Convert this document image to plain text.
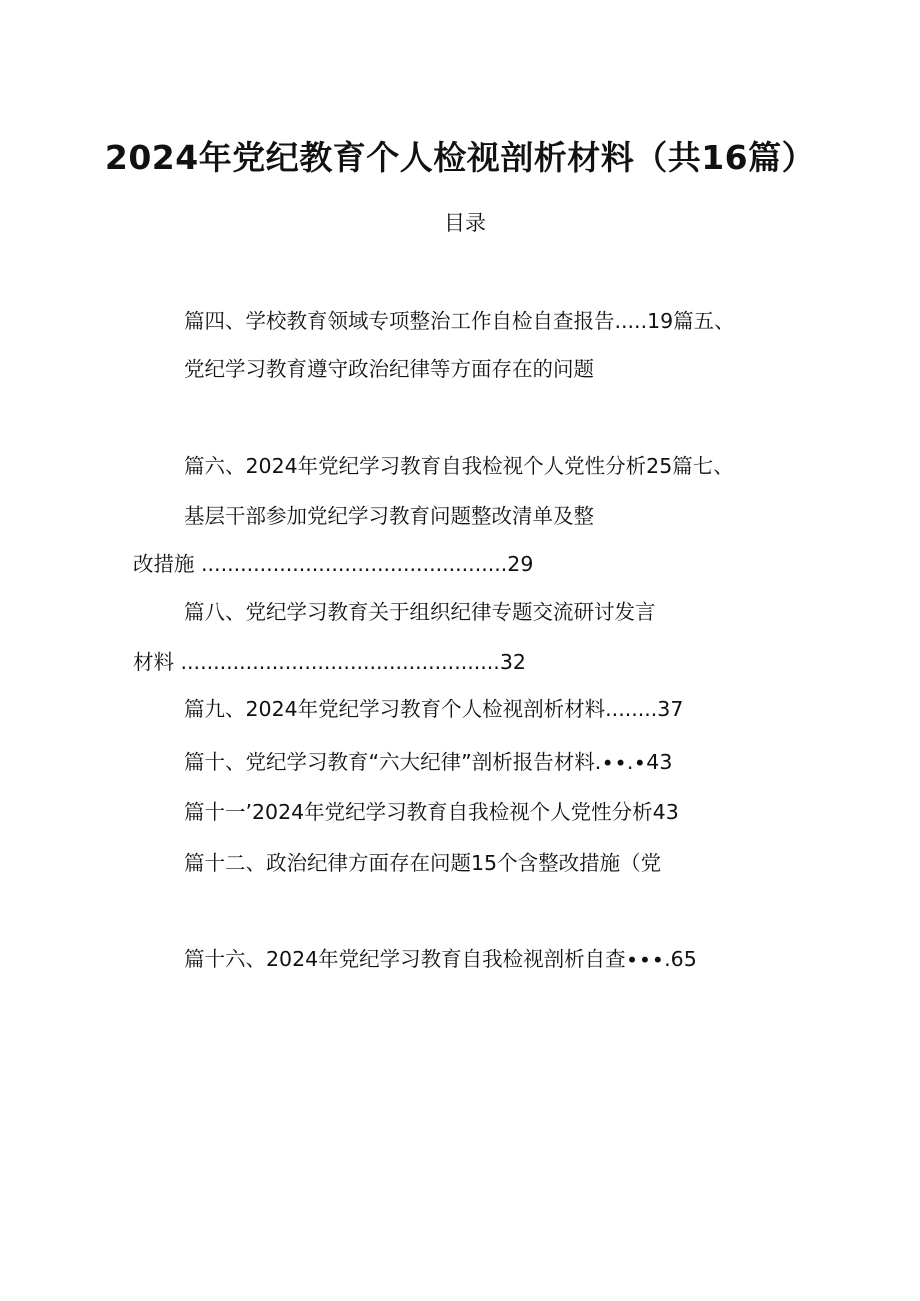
2024年党纪教育个人检视剖析材料（共16篇）
目录
篇四、学校教育领域专项整治工作自检自查报告.....19篇五、
党纪学习教育遵守政治纪律等方面存在的问题
篇六、2024年党纪学习教育自我检视个人党性分析25篇七、
基层干部参加党纪学习教育问题整改清单及整
改措施 ...............................................29
篇八、党纪学习教育关于组织纪律专题交流研讨发言
材料 .................................................32
篇九、2024年党纪学习教育个人检视剖析材料........37
篇十、党纪学习教育“六大纪律”剖析报告材料.∙∙.∙43
篇十一’2024年党纪学习教育自我检视个人党性分析43
篇十二、政治纪律方面存在问题15个含整改措施（党
篇十六、2024年党纪学习教育自我检视剖析自查∙∙∙.65
